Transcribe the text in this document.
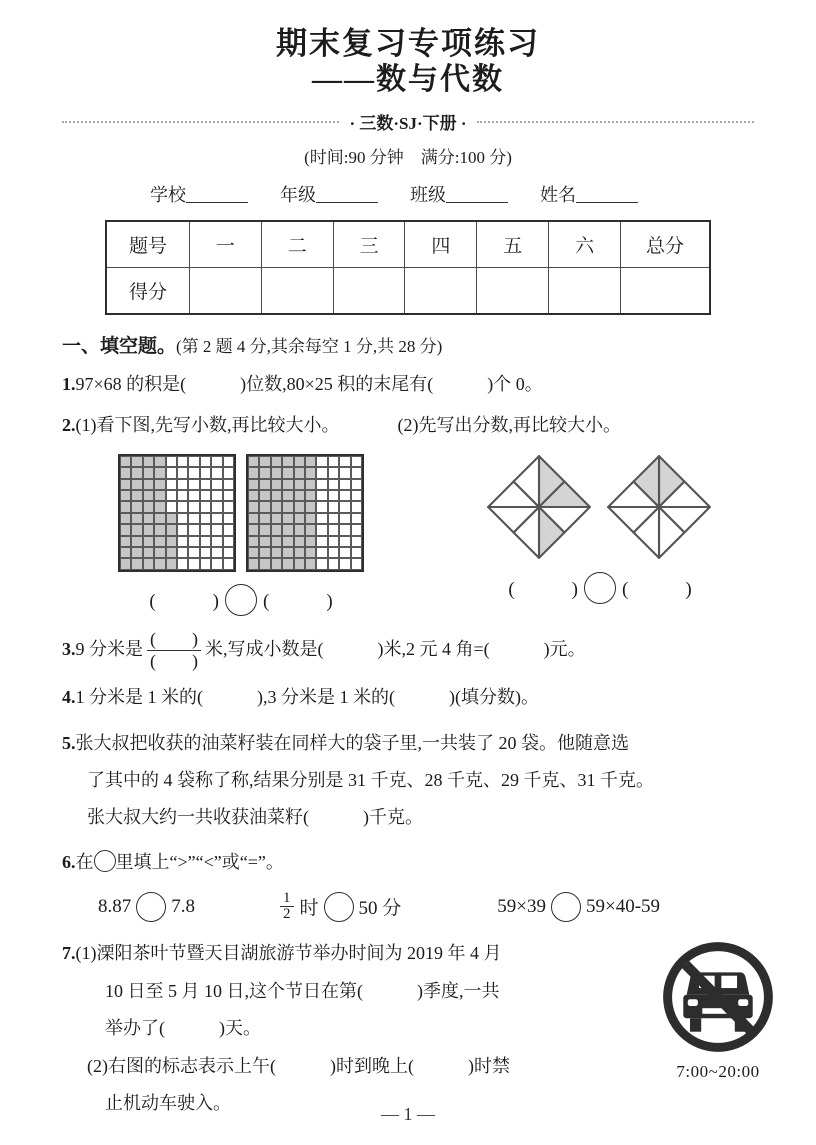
期末复习专项练习
——数与代数
· 三数·SJ·下册 ·
(时间:90 分钟　满分:100 分)
学校	年级	班级	姓名
题号	一	二	三	四	五	六	总分
得分							
一、填空题。(第 2 题 4 分,其余每空 1 分,共 28 分)
1.97×68 的积是(　　　)位数,80×25 积的末尾有(　　　)个 0。
2.(1)看下图,先写小数,再比较大小。	(2)先写出分数,再比较大小。
(　　　) (　　　)
(　　　) (　　　)
3. 9 分米是 $\frac{( )}{( )}$ 米,写成小数是(　　　)米,2 元 4 角=(　　　)元。
4.1 分米是 1 米的(　　　),3 分米是 1 米的(　　　)(填分数)。
5.张大叔把收获的油菜籽装在同样大的袋子里,一共装了 20 袋。他随意选
了其中的 4 袋称了称,结果分别是 31 千克、28 千克、29 千克、31 千克。
张大叔大约一共收获油菜籽(　　　)千克。
6.在 里填上“>”“<”或“=”。
8.87 7.8	$\frac{1}{2}$ 时 50 分	59×39 59×40-59
7.(1)溧阳茶叶节暨天目湖旅游节举办时间为 2019 年 4 月
10 日至 5 月 10 日,这个节日在第(　　　)季度,一共
举办了(　　　)天。
(2)右图的标志表示上午(　　　)时到晚上(　　　)时禁
止机动车驶入。
7:00~20:00
— 1 —
